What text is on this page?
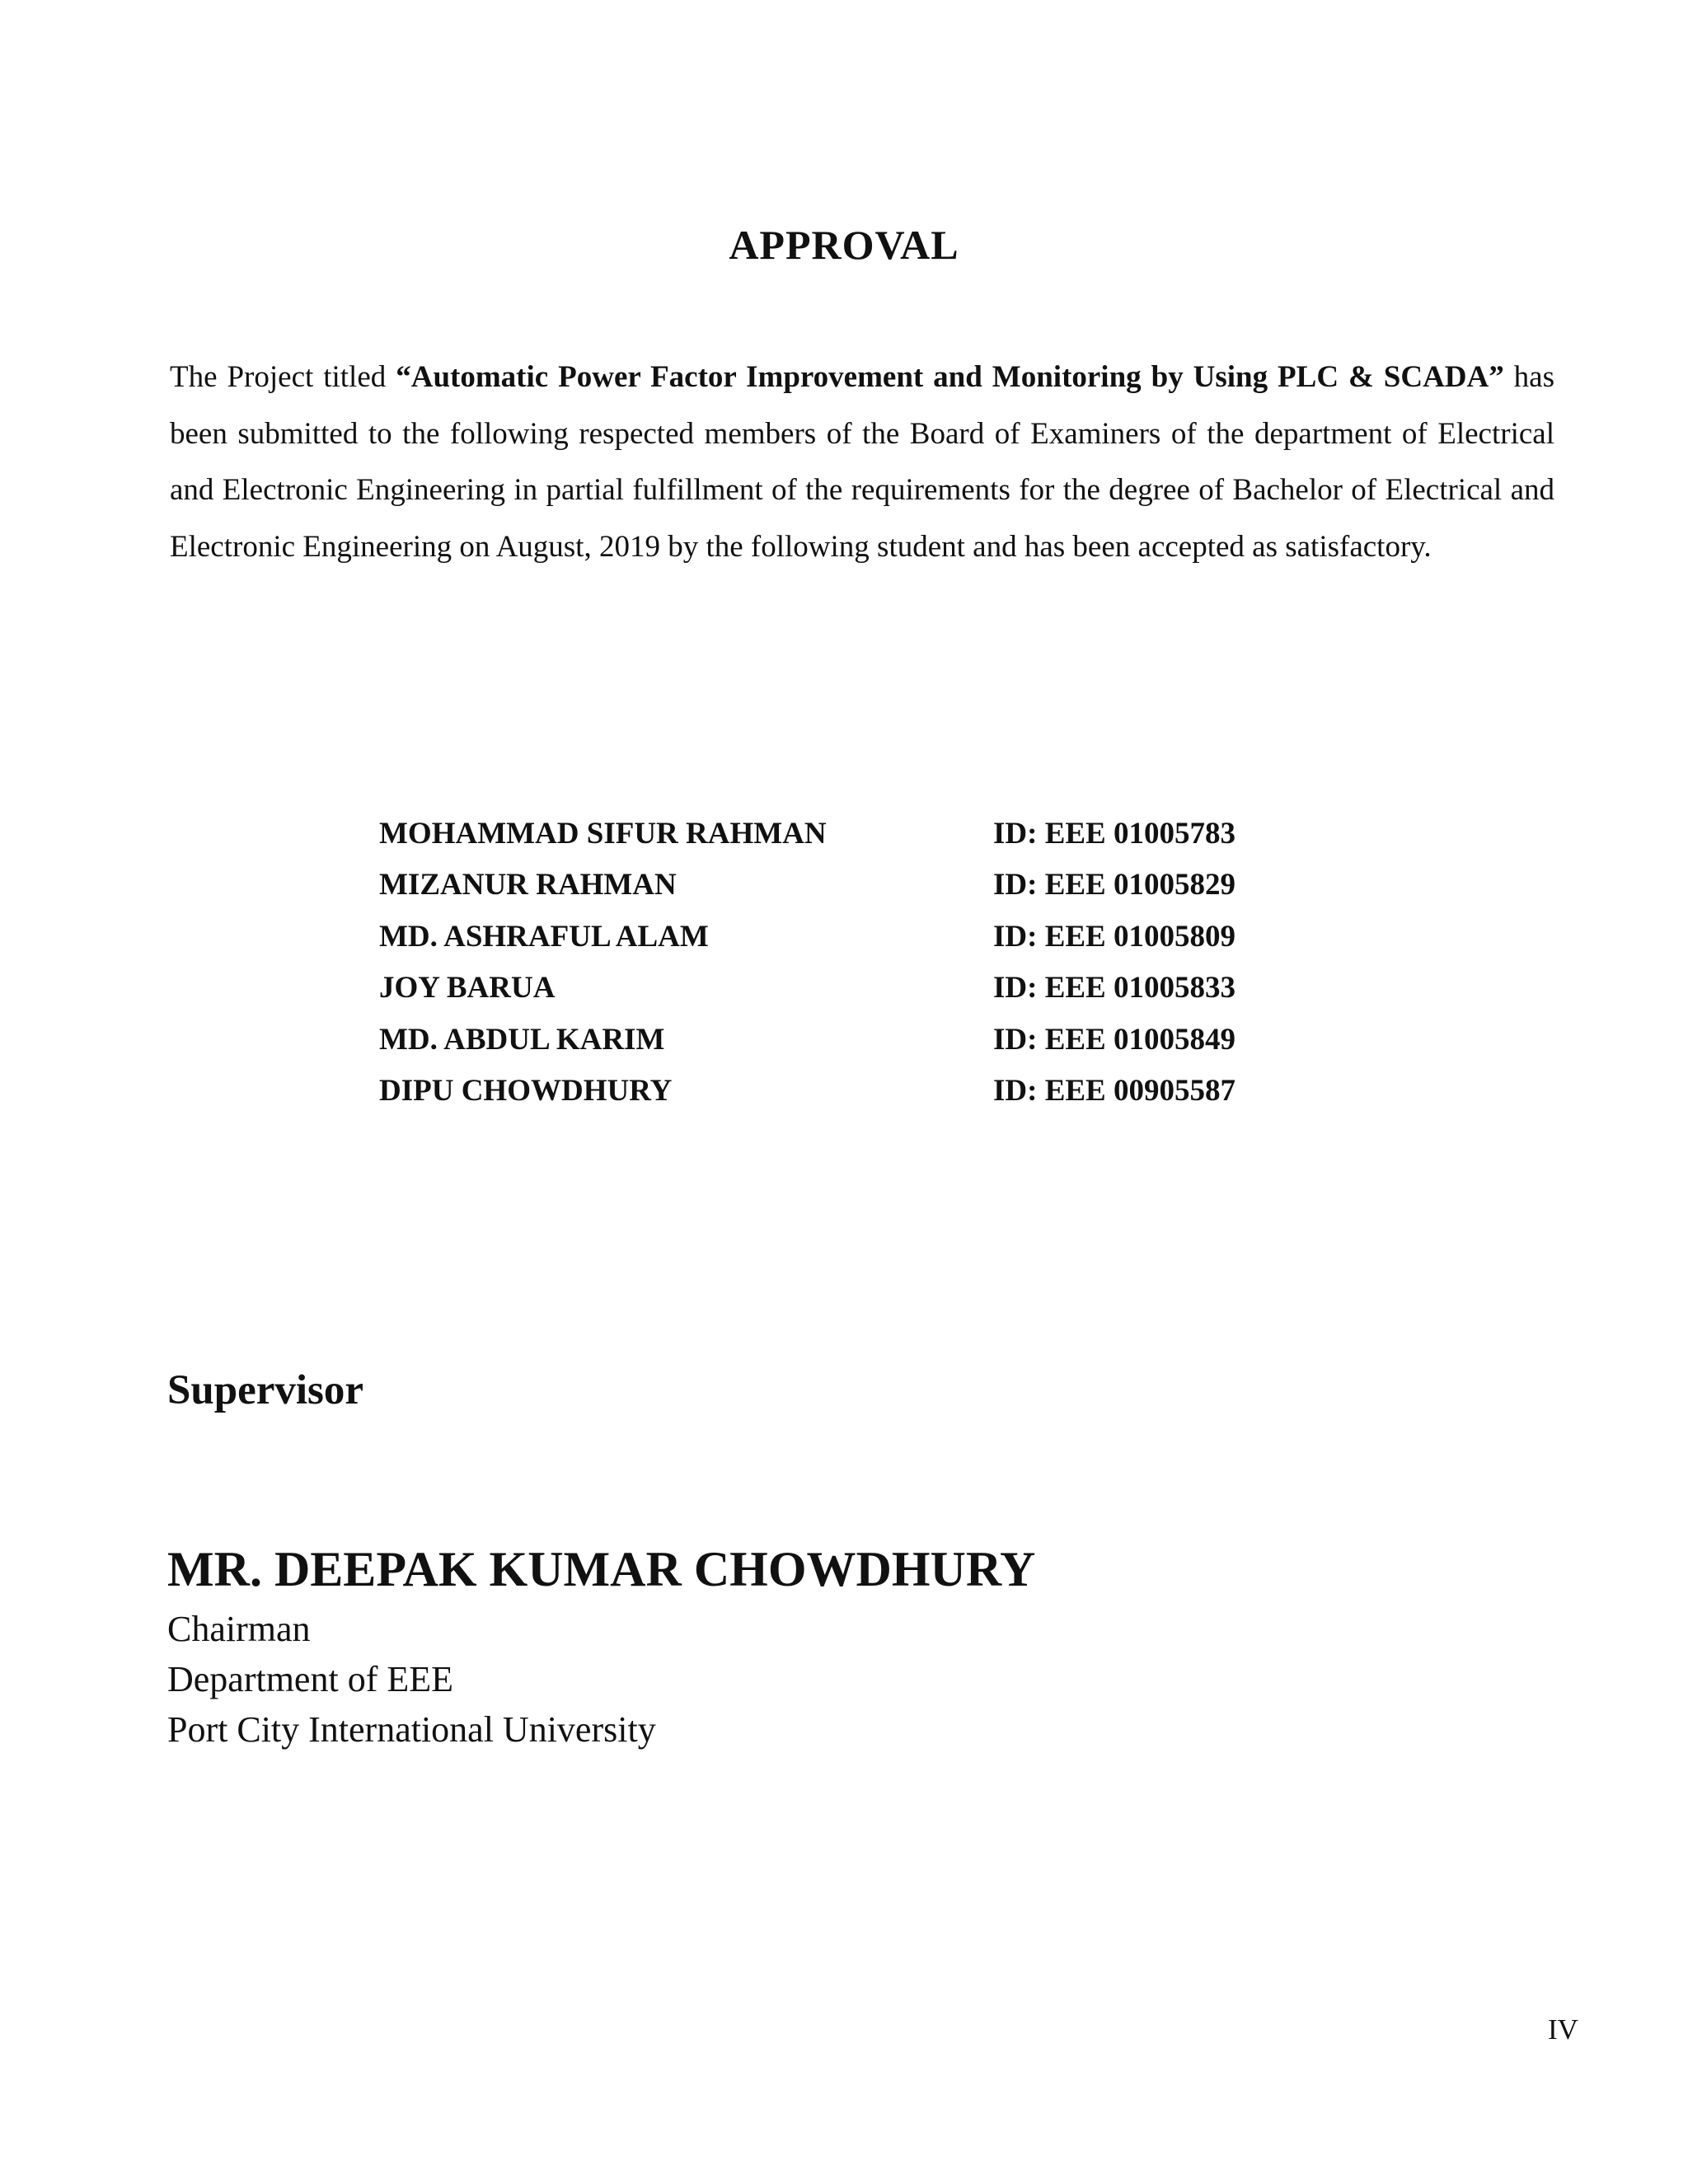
APPROVAL

The Project titled “Automatic Power Factor Improvement and Monitoring by Using PLC & SCADA” has been submitted to the following respected members of the Board of Examiners of the department of Electrical and Electronic Engineering in partial fulfillment of the requirements for the degree of Bachelor of Electrical and Electronic Engineering on August, 2019 by the following student and has been accepted as satisfactory.

MOHAMMAD SIFUR RAHMAN	ID: EEE 01005783
MIZANUR RAHMAN	ID: EEE 01005829
MD. ASHRAFUL ALAM	ID: EEE 01005809
JOY BARUA	ID: EEE 01005833
MD. ABDUL KARIM	ID: EEE 01005849
DIPU CHOWDHURY	ID: EEE 00905587
Supervisor
MR. DEEPAK KUMAR CHOWDHURY
Chairman
Department of EEE
Port City International University
IV
